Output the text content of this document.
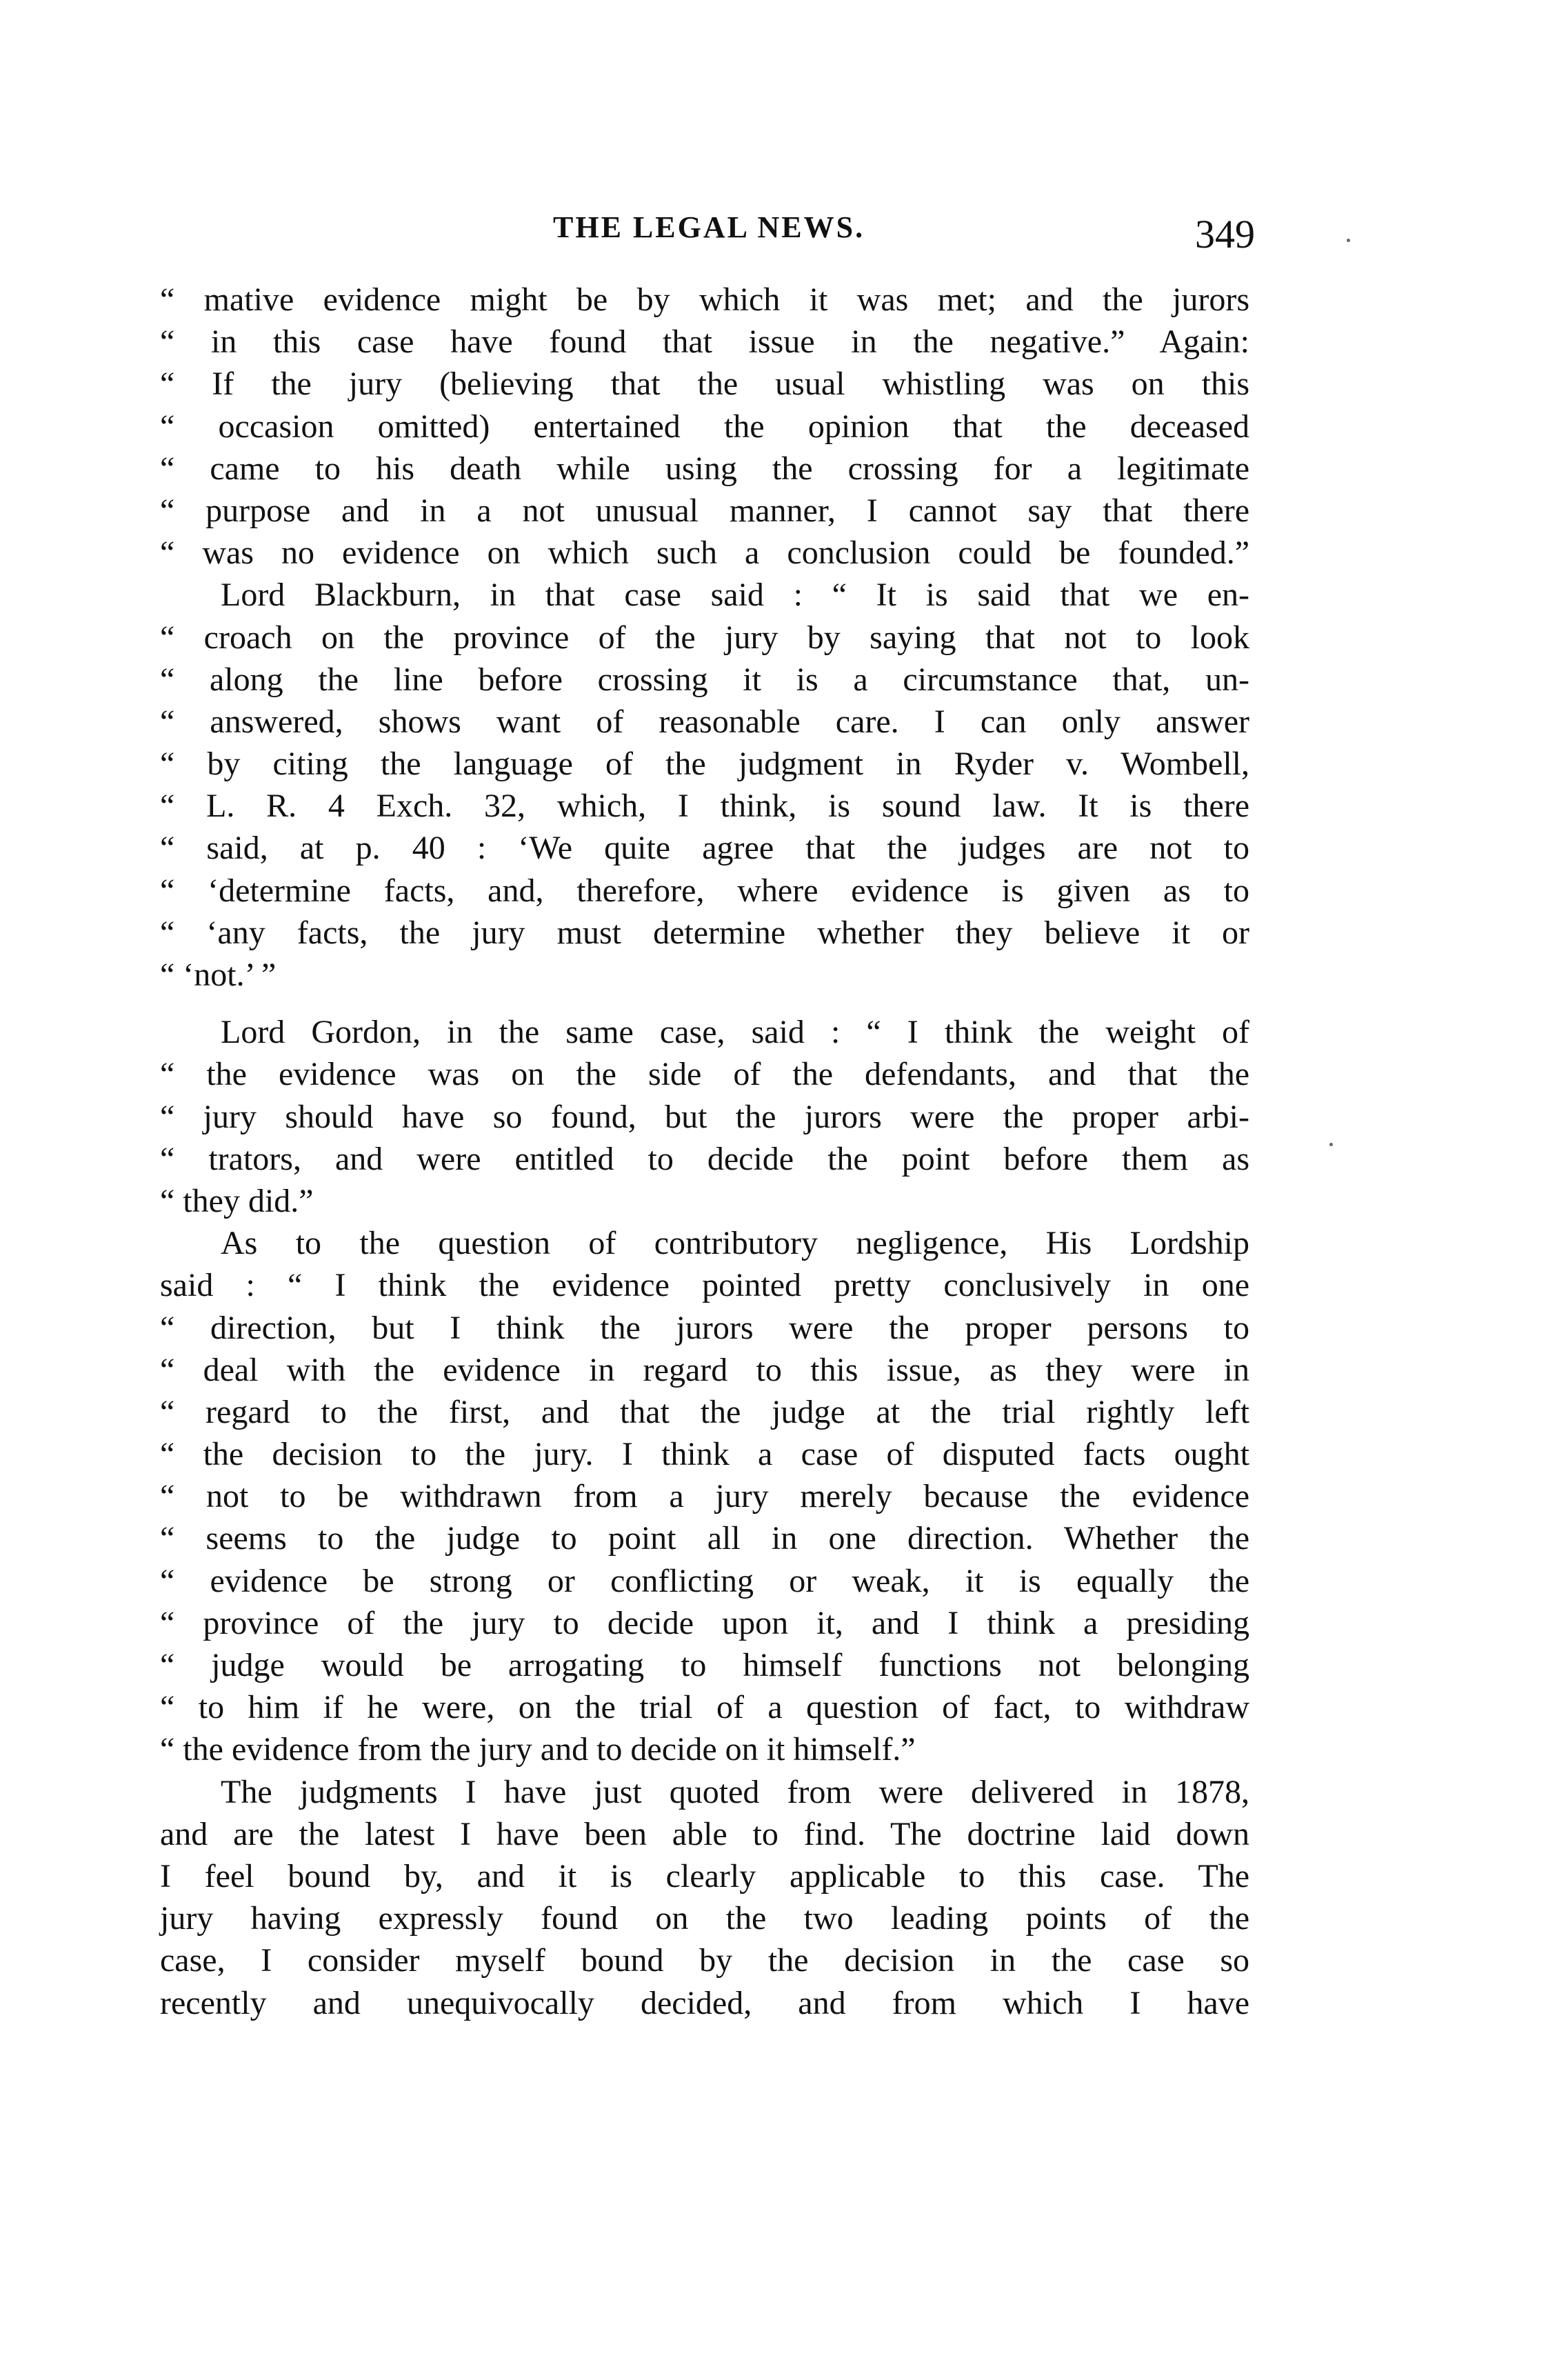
THE LEGAL NEWS.	349
“ mative evidence might be by which it was met; and the jurors
“ in this case have found that issue in the negative.” Again:
“ If the jury (believing that the usual whistling was on this
“ occasion omitted) entertained the opinion that the deceased
“ came to his death while using the crossing for a legitimate
“ purpose and in a not unusual manner, I cannot say that there
“ was no evidence on which such a conclusion could be founded.”
Lord Blackburn, in that case said : “ It is said that we en-
“ croach on the province of the jury by saying that not to look
“ along the line before crossing it is a circumstance that, un-
“ answered, shows want of reasonable care. I can only answer
“ by citing the language of the judgment in Ryder v. Wombell,
“ L. R. 4 Exch. 32, which, I think, is sound law. It is there
“ said, at p. 40 : ‘We quite agree that the judges are not to
“ ‘determine facts, and, therefore, where evidence is given as to
“ ‘any facts, the jury must determine whether they believe it or
“ ‘not.’ ”
Lord Gordon, in the same case, said : “ I think the weight of
“ the evidence was on the side of the defendants, and that the
“ jury should have so found, but the jurors were the proper arbi-
“ trators, and were entitled to decide the point before them as
“ they did.”
As to the question of contributory negligence, His Lordship
said : “ I think the evidence pointed pretty conclusively in one
“ direction, but I think the jurors were the proper persons to
“ deal with the evidence in regard to this issue, as they were in
“ regard to the first, and that the judge at the trial rightly left
“ the decision to the jury. I think a case of disputed facts ought
“ not to be withdrawn from a jury merely because the evidence
“ seems to the judge to point all in one direction. Whether the
“ evidence be strong or conflicting or weak, it is equally the
“ province of the jury to decide upon it, and I think a presiding
“ judge would be arrogating to himself functions not belonging
“ to him if he were, on the trial of a question of fact, to withdraw
“ the evidence from the jury and to decide on it himself.”
The judgments I have just quoted from were delivered in 1878,
and are the latest I have been able to find. The doctrine laid down
I feel bound by, and it is clearly applicable to this case. The
jury having expressly found on the two leading points of the
case, I consider myself bound by the decision in the case so
recently and unequivocally decided, and from which I have
